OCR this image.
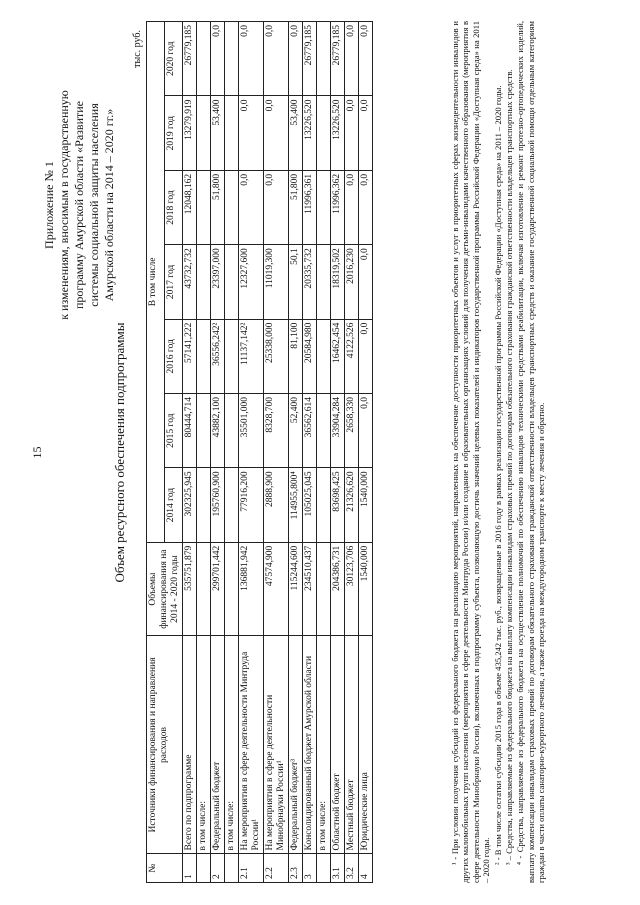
15
Приложение № 1 к изменениям, вносимым в государственную программу Амурской области «Развитие системы социальной защиты населения Амурской области на 2014 – 2020 гг.»
Объем ресурсного обеспечения подпрограммы
тыс. руб.
№	Источники финансирования и направления расходов	Объемы финансирования на 2014 - 2020 годы	В том числе						
			2014 год	2015 год	2016 год	2017 год	2018 год	2019 год	2020 год
1	Всего по подпрограмме	535751,879	302325,945	80444,714	57141,222	43732,732	12048,162	13279,919	26779,185
	в том числе:								
2	Федеральный бюджет	299701,442	195760,900	43882,100	36556,242²	23397,000	51,800	53,400	0,0
	в том числе:								
2.1	На мероприятия в сфере деятельности Минтруда России¹	136881,942	77916,200	35501,000	11137,142²	12327,600	0,0	0,0	0,0
2.2	На мероприятия в сфере деятельности Минобрнауки России¹	47574,900	2888,900	8328,700	25338,000	11019,300	0,0	0,0	0,0
2.3	Федеральный бюджет³	115244,600	114955,800⁴	52,400	81,100	50,1	51,800	53,400	0,0
3	Консолидированный бюджет Амурской области	234510,437	105025,045	36562,614	20584,980	20335,732	11996,361	13226,520	26779,185
	в том числе:								
3.1	Областной бюджет	204386,731	83698,425	33904,284	16462,454	18319,502	11996,362	13226,520	26779,185
3.2	Местный бюджет	30123,706	21326,620	2658,330	4122,526	2016,230	0,0	0,0	0,0
4	Юридические лица	1540,000	1540,000	0,0	0,0	0,0	0,0	0,0	0,0	¹ - При условии получения субсидий из федерального бюджета на реализацию мероприятий, направленных на обеспечение доступности приоритетных объектов и услуг в приоритетных сферах жизнедеятельности инвалидов и других маломобильных групп населения (мероприятия в сфере деятельности Минтруда России) и/или создание в образовательных организациях условий для получения детьми-инвалидами качественного образования (мероприятия в сфере деятельности Минобрнауки России), включенных в подпрограмму субъекта, позволяющую достичь значений целевых показателей и индикаторов государственной программы Российской Федерации «Доступная среда» на 2011 – 2020 годы. ² - В том числе остатки субсидии 2015 года в объеме 435,242 тыс. руб., возвращенные в 2016 году в рамках реализации государственной программы Российской Федерации «Доступная среда» на 2011 – 2020 годы. ³ – Средства, направляемые из федерального бюджета на выплату компенсации инвалидам страховых премий по договорам обязательного страхования гражданской ответственности владельцев транспортных средств. ⁴ - Средства, направляемые из федерального бюджета на осуществление полномочий по обеспечению инвалидов техническими средствами реабилитации, включая изготовление и ремонт протезно-ортопедических изделий, выплату компенсации инвалидам страховых премий по договорам обязательного страхования гражданской ответственности владельцев транспортных средств и оказание государственной социальной помощи отдельным категориям граждан в части оплаты санаторно-курортного лечения, а также проезда на междугородном транспорте к месту лечения и обратно.
